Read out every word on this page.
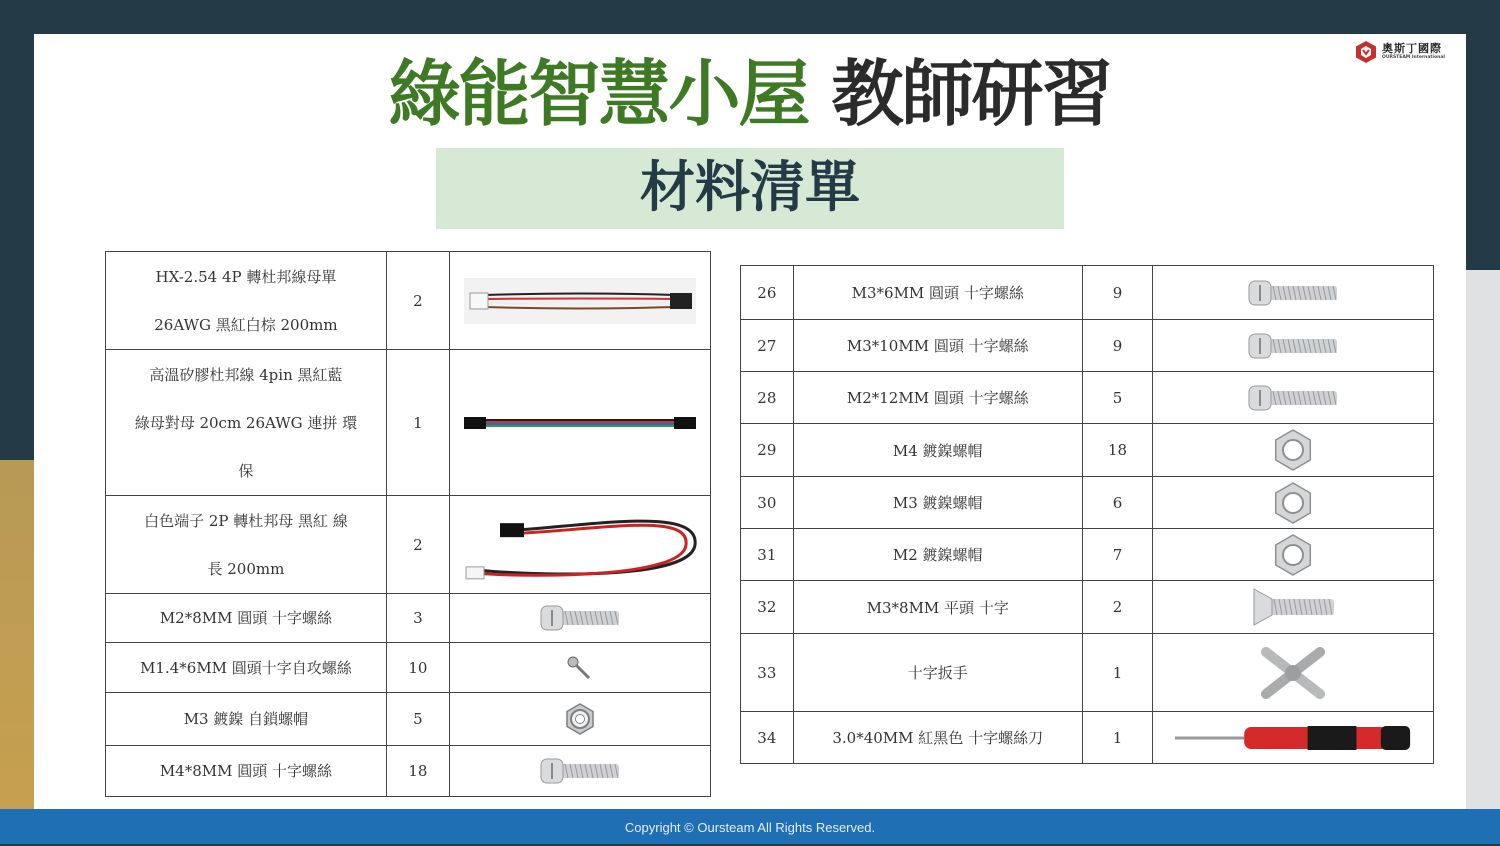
奧斯丁國際
OURSTEAM International
綠能智慧小屋 教師研習
材料清單
HX-2.54 4P 轉杜邦線母單
26AWG 黑紅白棕 200mm	2	

高溫矽膠杜邦線 4pin 黑紅藍
綠母對母 20cm 26AWG 連拼 環
保	1	

白色端子 2P 轉杜邦母 黑紅 線
長 200mm	2	

M2*8MM 圓頭 十字螺絲	3	

M1.4*6MM 圓頭十字自攻螺絲	10	

M3 鍍鎳 自鎖螺帽	5	

M4*8MM 圓頭 十字螺絲	18	
26	M3*6MM 圓頭 十字螺絲	9	

27	M3*10MM 圓頭 十字螺絲	9	

28	M2*12MM 圓頭 十字螺絲	5	

29	M4 鍍鎳螺帽	18	

30	M3 鍍鎳螺帽	6	

31	M2 鍍鎳螺帽	7	

32	M3*8MM 平頭 十字	2	

33	十字扳手	1	

34	3.0*40MM 紅黑色 十字螺絲刀	1	
Copyright © Oursteam All Rights Reserved.
